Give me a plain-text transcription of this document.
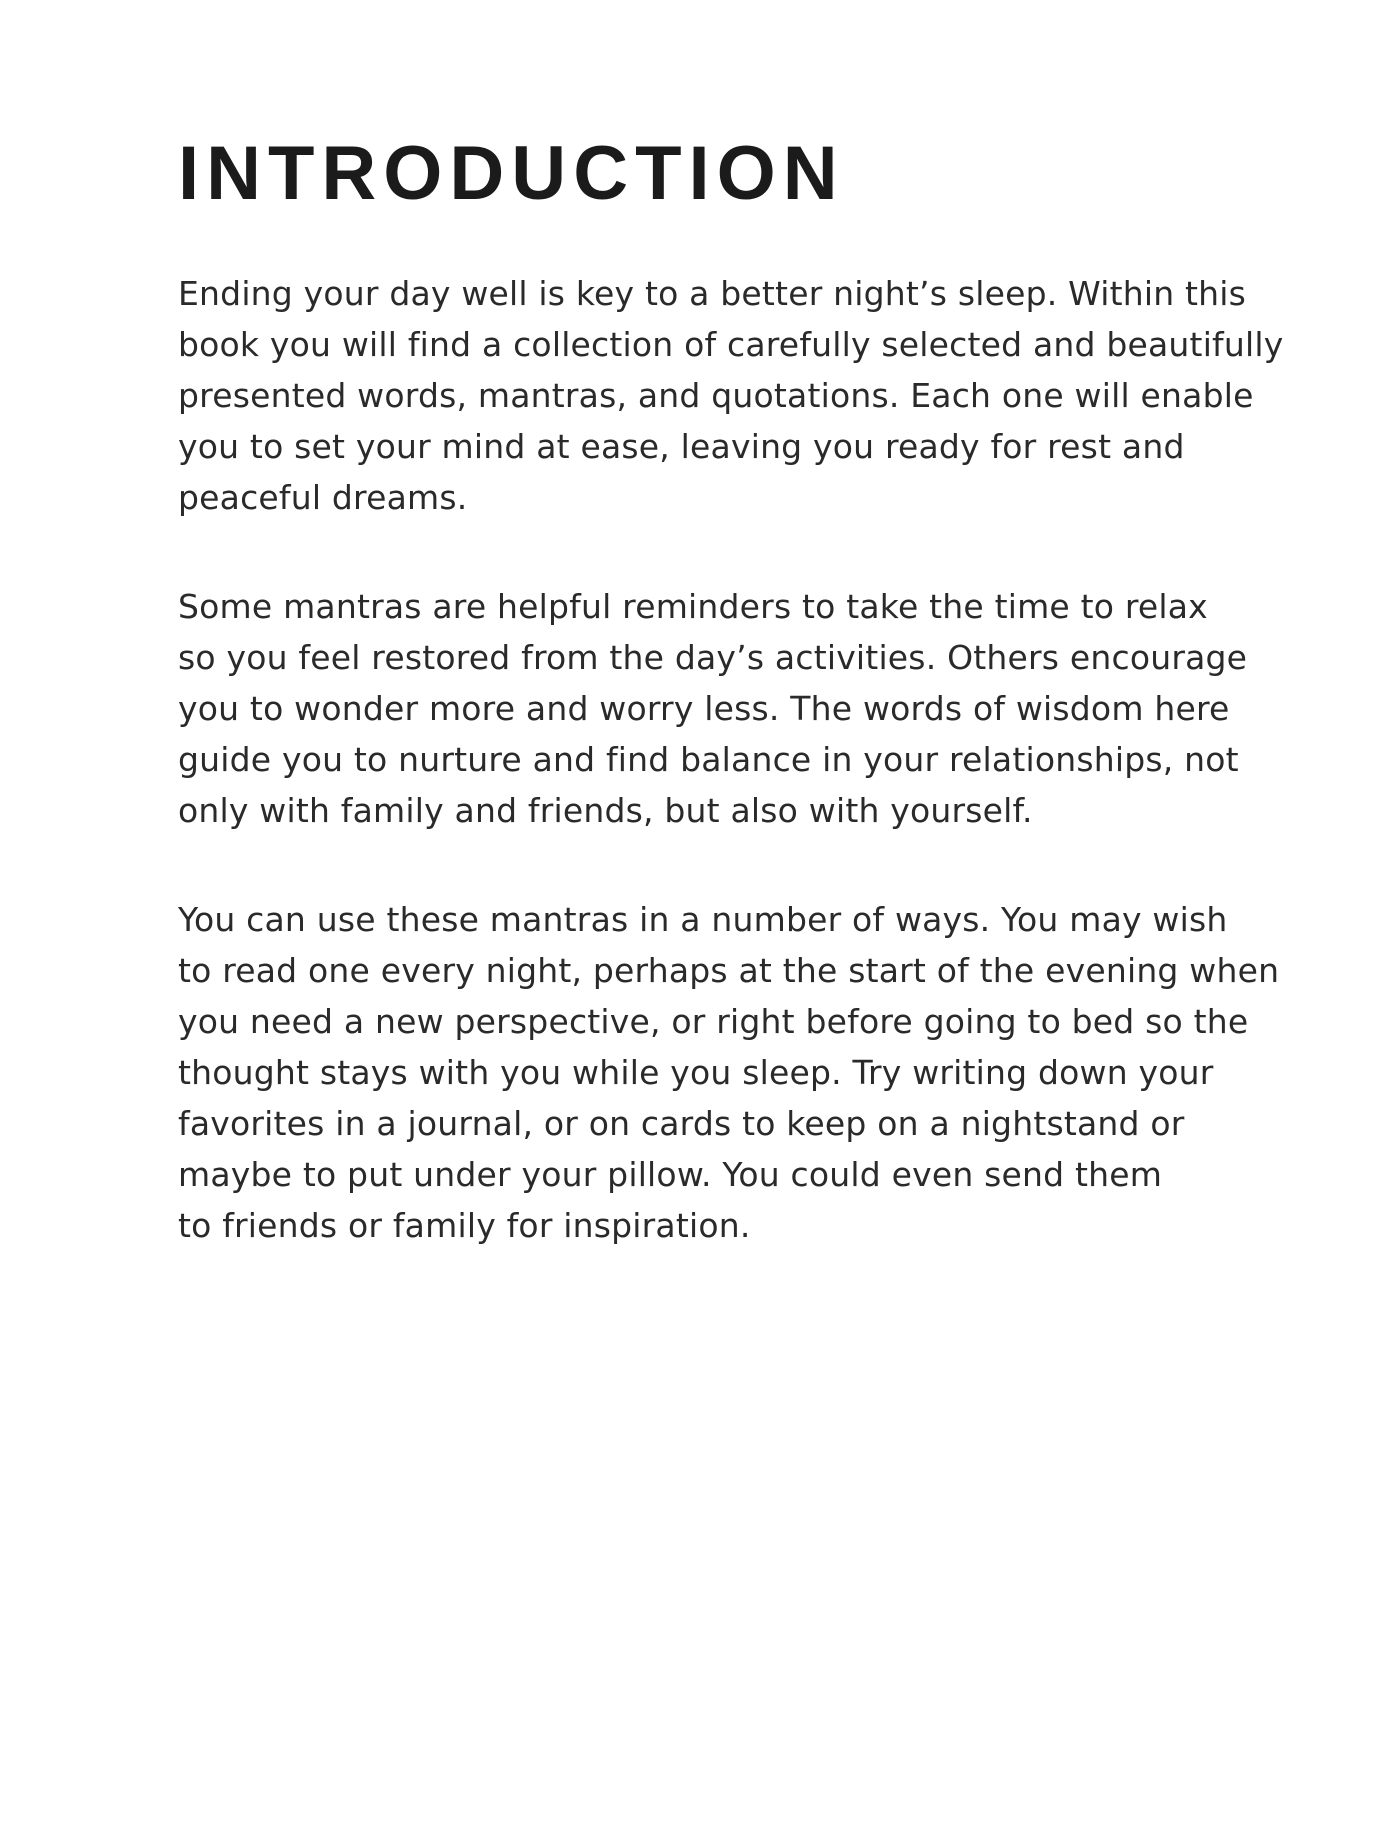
INTRODUCTION

Ending your day well is key to a better night’s sleep. Within this
book you will find a collection of carefully selected and beautifully
presented words, mantras, and quotations. Each one will enable
you to set your mind at ease, leaving you ready for rest and
peaceful dreams.

Some mantras are helpful reminders to take the time to relax
so you feel restored from the day’s activities. Others encourage
you to wonder more and worry less. The words of wisdom here
guide you to nurture and find balance in your relationships, not
only with family and friends, but also with yourself.

You can use these mantras in a number of ways. You may wish
to read one every night, perhaps at the start of the evening when
you need a new perspective, or right before going to bed so the
thought stays with you while you sleep. Try writing down your
favorites in a journal, or on cards to keep on a nightstand or
maybe to put under your pillow. You could even send them
to friends or family for inspiration.
